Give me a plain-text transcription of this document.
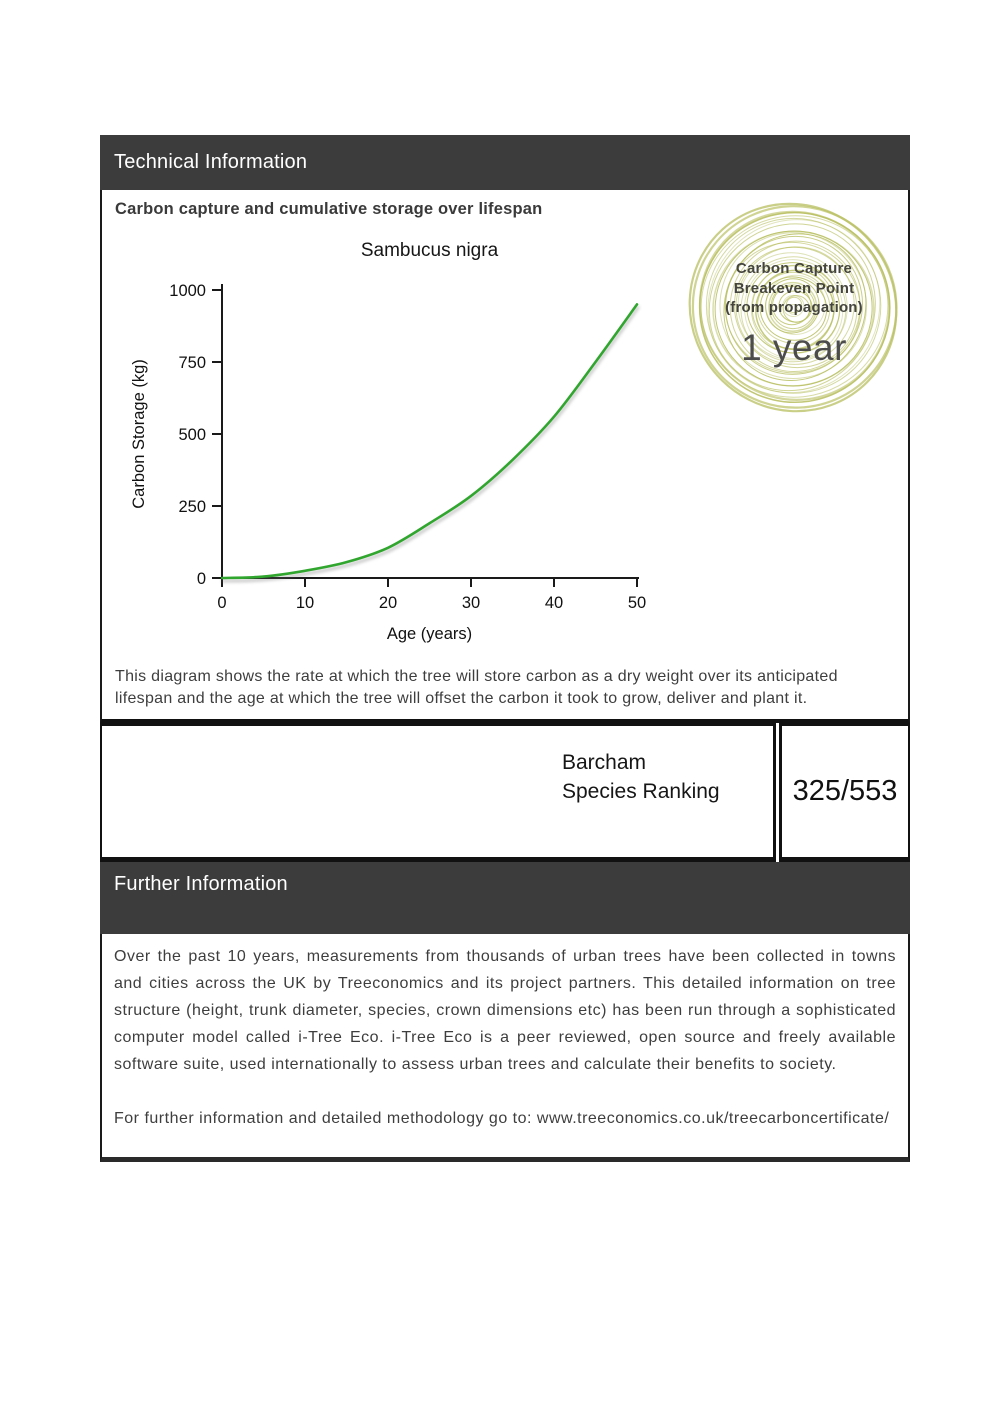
Technical Information
Carbon capture and cumulative storage over lifespan
Sambucus nigra
0
250
500
750
1000
0	10	20	30	40	50
Age (years)
Carbon Storage (kg)
Carbon Capture
Breakeven Point
(from propagation)
1 year

This diagram shows the rate at which the tree will store carbon as a dry weight over its anticipated lifespan and the age at which the tree will offset the carbon it took to grow, deliver and plant it.

Barcham
Species Ranking	325/553
Further Information

Over the past 10 years, measurements from thousands of urban trees have been collected in towns and cities across the UK by Treeconomics and its project partners. This detailed information on tree structure (height, trunk diameter, species, crown dimensions etc) has been run through a sophisticated computer model called i-Tree Eco. i-Tree Eco is a peer reviewed, open source and freely available software suite, used internationally to assess urban trees and calculate their benefits to society.

For further information and detailed methodology go to: www.treeconomics.co.uk/treecarboncertificate/
